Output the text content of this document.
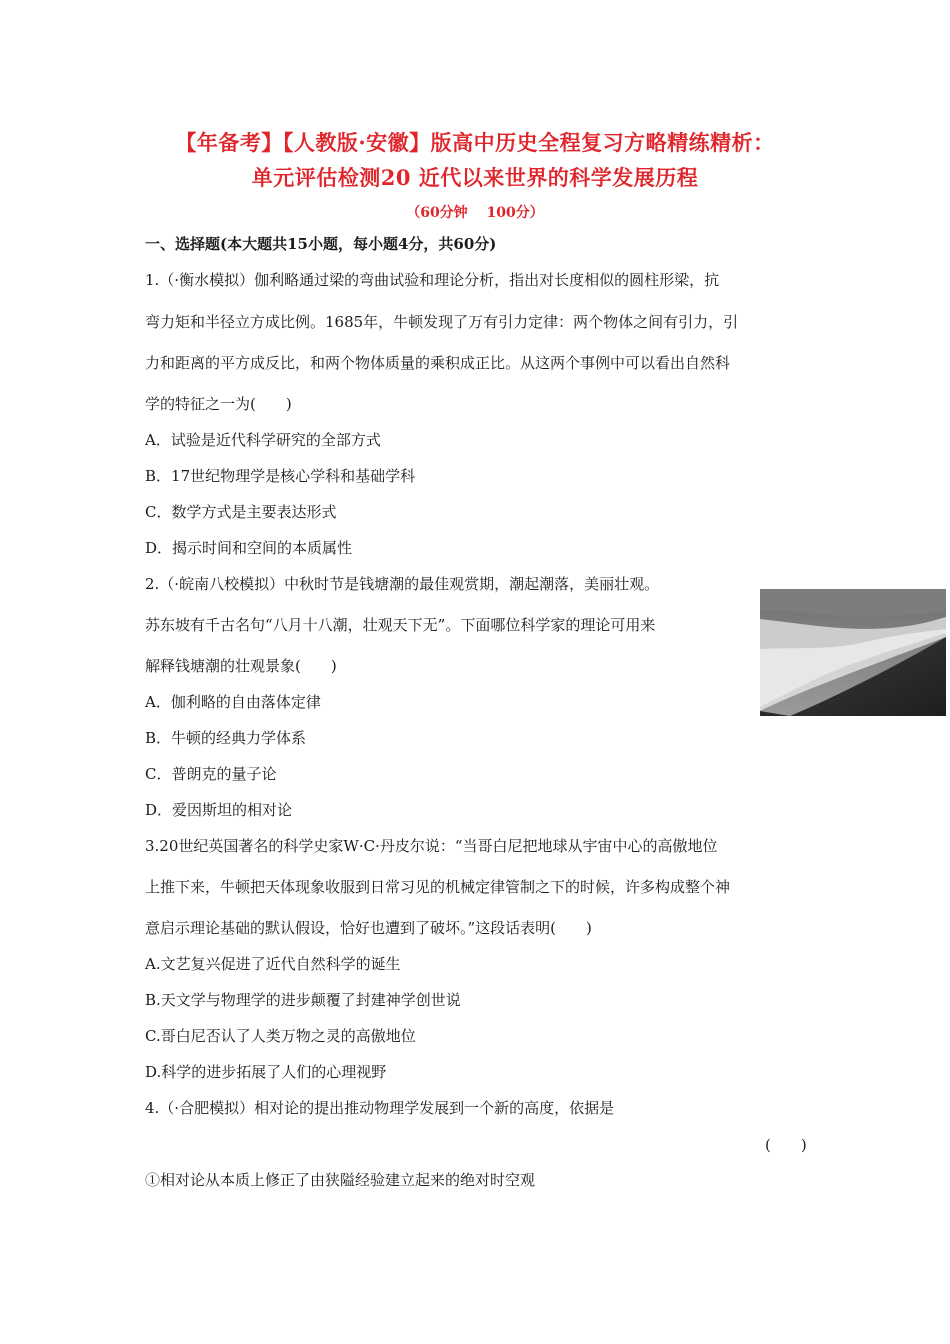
【年备考】【人教版·安徽】版高中历史全程复习方略精练精析：
单元评估检测20 近代以来世界的科学发展历程
（60分钟　 100分）
一、选择题(本大题共15小题，每小题4分，共60分)
1.（·衡水模拟）伽利略通过梁的弯曲试验和理论分析，指出对长度相似的圆柱形梁，抗
弯力矩和半径立方成比例。1685年，牛顿发现了万有引力定律：两个物体之间有引力，引
力和距离的平方成反比，和两个物体质量的乘积成正比。从这两个事例中可以看出自然科
学的特征之一为(　　)
A．试验是近代科学研究的全部方式
B．17世纪物理学是核心学科和基础学科
C．数学方式是主要表达形式
D．揭示时间和空间的本质属性
2.（·皖南八校模拟）中秋时节是钱塘潮的最佳观赏期，潮起潮落，美丽壮观。
苏东坡有千古名句“八月十八潮，壮观天下无”。下面哪位科学家的理论可用来
解释钱塘潮的壮观景象(　　)
A．伽利略的自由落体定律
B．牛顿的经典力学体系
C．普朗克的量子论
D．爱因斯坦的相对论
3.20世纪英国著名的科学史家W·C·丹皮尔说：“当哥白尼把地球从宇宙中心的高傲地位
上推下来，牛顿把天体现象收服到日常习见的机械定律管制之下的时候，许多构成整个神
意启示理论基础的默认假设，恰好也遭到了破坏。”这段话表明(　　)
A.文艺复兴促进了近代自然科学的诞生
B.天文学与物理学的进步颠覆了封建神学创世说
C.哥白尼否认了人类万物之灵的高傲地位
D.科学的进步拓展了人们的心理视野
4.（·合肥模拟）相对论的提出推动物理学发展到一个新的高度，依据是
(　　)
①相对论从本质上修正了由狭隘经验建立起来的绝对时空观
